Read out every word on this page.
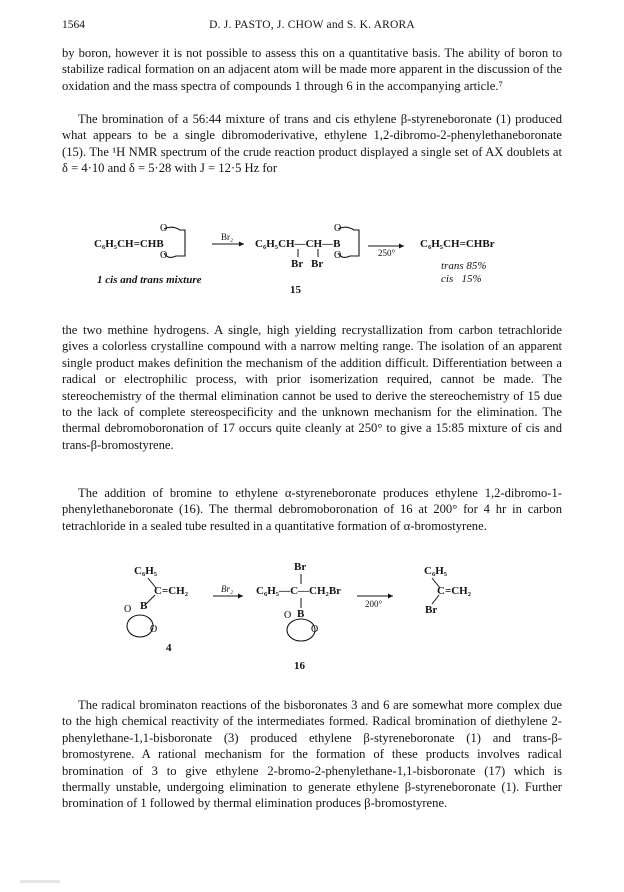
1564	D. J. PASTO, J. CHOW and S. K. ARORA

by boron, however it is not possible to assess this on a quantitative basis. The ability of boron to stabilize radical formation on an adjacent atom will be made more apparent in the discussion of the oxidation and the mass spectra of compounds 1 through 6 in the accompanying article.⁷

The bromination of a 56:44 mixture of trans and cis ethylene β-styreneboronate (1) produced what appears to be a single dibromoderivative, ethylene 1,2-dibromo-2-phenylethaneboronate (15). The ¹H NMR spectrum of the crude reaction product displayed a single set of AX doublets at δ = 4·10 and δ = 5·28 with J = 12·5 Hz for

O
O
O
O
C₆H₅CH=CHB
1 cis and trans mixture
Br₂
C₆H₅CH—CH—B
Br Br
15
250°
C₆H₅CH=CHBr
trans 85%
cis   15%

the two methine hydrogens. A single, high yielding recrystallization from carbon tetrachloride gives a colorless crystalline compound with a narrow melting range. The isolation of an apparent single product makes definition the mechanism of the addition difficult. Differentiation between a radical or electrophilic process, with prior isomerization required, cannot be made. The stereochemistry of the thermal elimination cannot be used to derive the stereochemistry of 15 due to the lack of complete stereospecificity and the unknown mechanism for the elimination. The thermal debromoboronation of 17 occurs quite cleanly at 250° to give a 15:85 mixture of cis and trans-β-bromostyrene.

The addition of bromine to ethylene α-styreneboronate produces ethylene 1,2-dibromo-1-phenylethaneboronate (16). The thermal debromoboronation of 16 at 200° for 4 hr in carbon tetrachloride in a sealed tube resulted in a quantitative formation of α-bromostyrene.

O
O
O
O
C₆H₅
C=CH₂
B
4
Br₂
Br
C₆H₅—C—CH₂Br
B
16
200°
C₆H₅
C=CH₂
Br

The radical brominaton reactions of the bisboronates 3 and 6 are somewhat more complex due to the high chemical reactivity of the intermediates formed. Radical bromination of diethylene 2-phenylethane-1,1-bisboronate (3) produced ethylene β-styreneboronate (1) and trans-β-bromostyrene. A rational mechanism for the formation of these products involves radical bromination of 3 to give ethylene 2-bromo-2-phenylethane-1,1-bisboronate (17) which is thermally unstable, undergoing elimination to generate ethylene β-styreneboronate (1). Further bromination of 1 followed by thermal elimination produces β-bromostyrene.
